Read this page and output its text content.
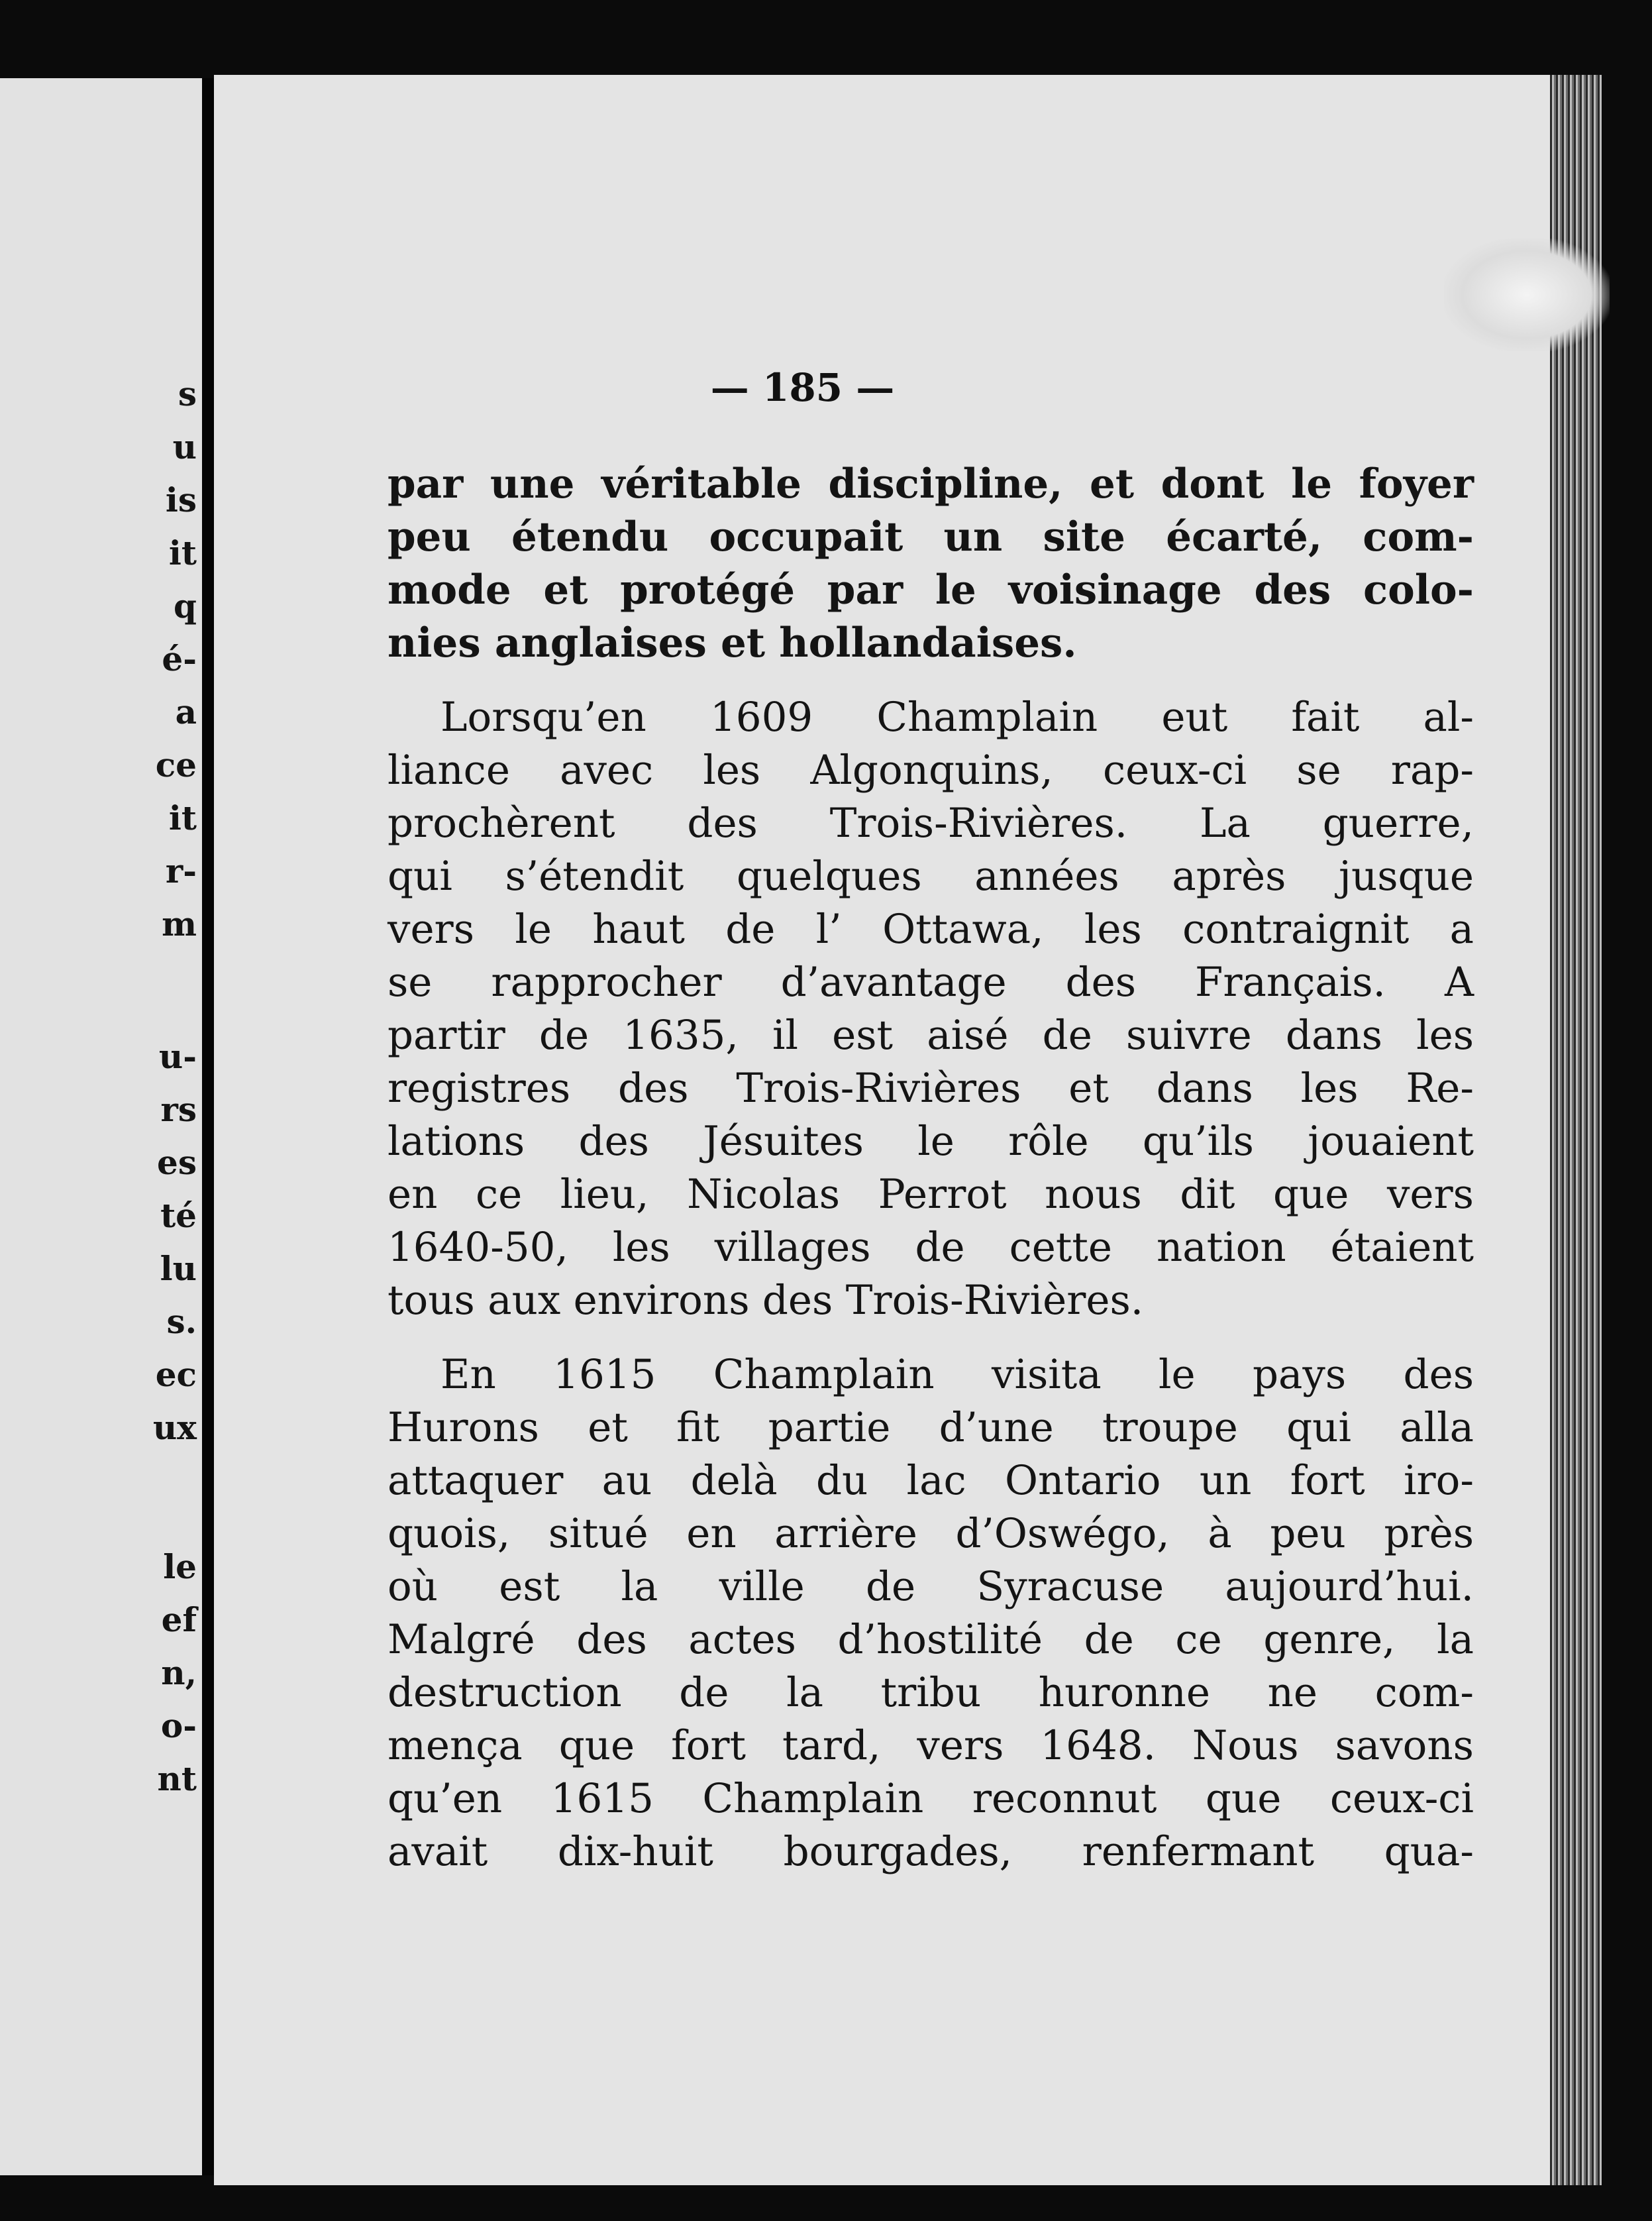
s
u
is
it
q
é-
a
ce
it
r-
m
u-
rs
es
té
lu
s.
ec
ux
le
ef
n,
o-
nt
— 185 —

par une véritable discipline, et dont le foyer

peu étendu occupait un site écarté, com-

mode et protégé par le voisinage des colo-

nies anglaises et hollandaises.

Lorsqu’en 1609 Champlain eut fait al-

liance avec les Algonquins, ceux-ci se rap-

prochèrent des Trois-Rivières. La guerre,

qui s’étendit quelques années après jusque

vers le haut de l’ Ottawa, les contraignit a

se rapprocher d’avantage des Français. A

partir de 1635, il est aisé de suivre dans les

registres des Trois-Rivières et dans les Re-

lations des Jésuites le rôle qu’ils jouaient

en ce lieu, Nicolas Perrot nous dit que vers

1640-50, les villages de cette nation étaient

tous aux environs des Trois-Rivières.

En 1615 Champlain visita le pays des

Hurons et fit partie d’une troupe qui alla

attaquer au delà du lac Ontario un fort iro-

quois, situé en arrière d’Oswégo, à peu près

où est la ville de Syracuse aujourd’hui.

Malgré des actes d’hostilité de ce genre, la

destruction de la tribu huronne ne com-

mença que fort tard, vers 1648. Nous savons

qu’en 1615 Champlain reconnut que ceux-ci

avait dix-huit bourgades, renfermant qua-
